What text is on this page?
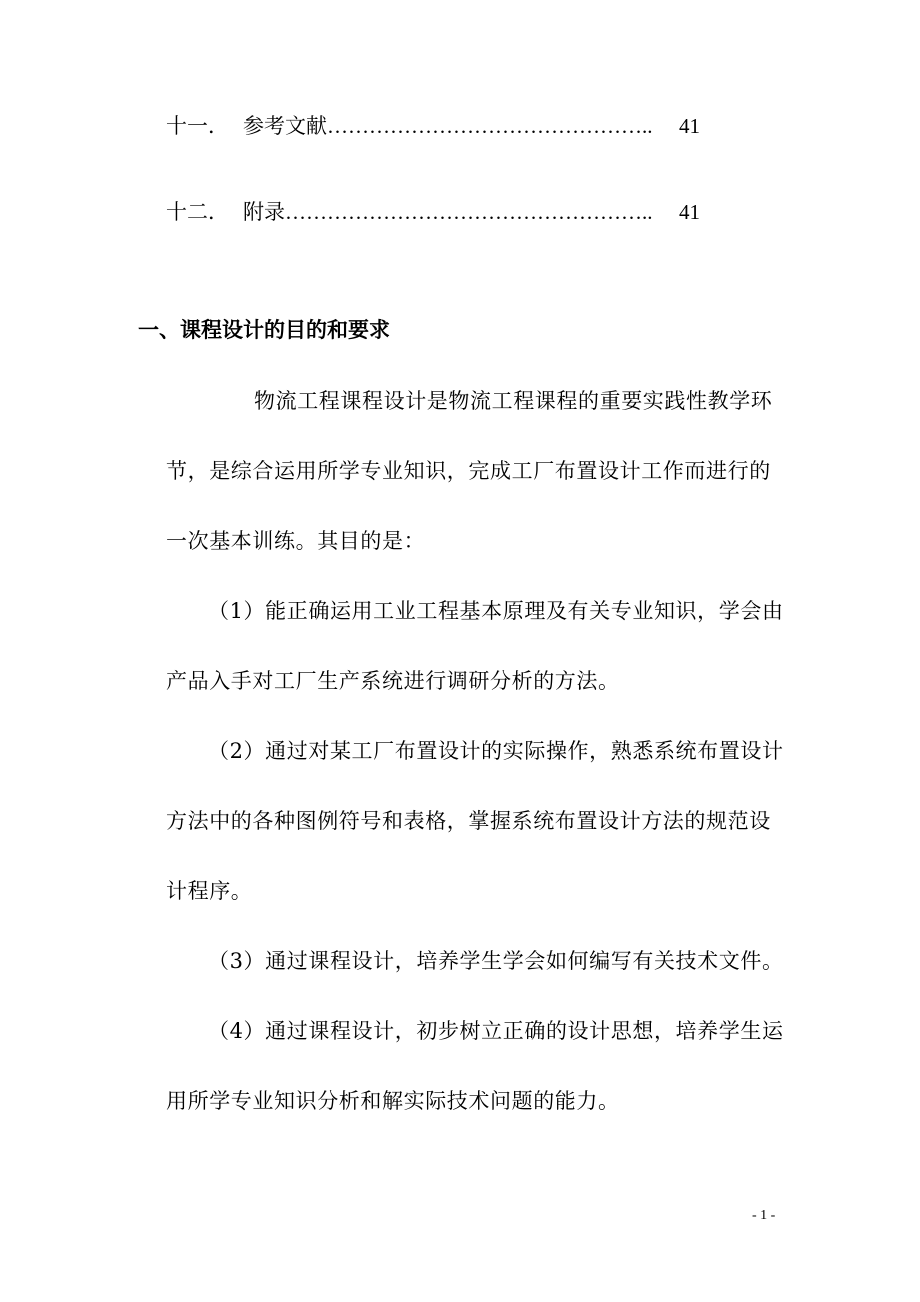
十一． 参考文献……………………………………….. 41
十二． 附录…………………………………………….. 41
一、课程设计的目的和要求
物流工程课程设计是物流工程课程的重要实践性教学环
节，是综合运用所学专业知识，完成工厂布置设计工作而进行的
一次基本训练。其目的是：
（1）能正确运用工业工程基本原理及有关专业知识，学会由
产品入手对工厂生产系统进行调研分析的方法。
（2）通过对某工厂布置设计的实际操作，熟悉系统布置设计
方法中的各种图例符号和表格，掌握系统布置设计方法的规范设
计程序。
（3）通过课程设计，培养学生学会如何编写有关技术文件。
（4）通过课程设计，初步树立正确的设计思想，培养学生运
用所学专业知识分析和解实际技术问题的能力。
- 1 -
